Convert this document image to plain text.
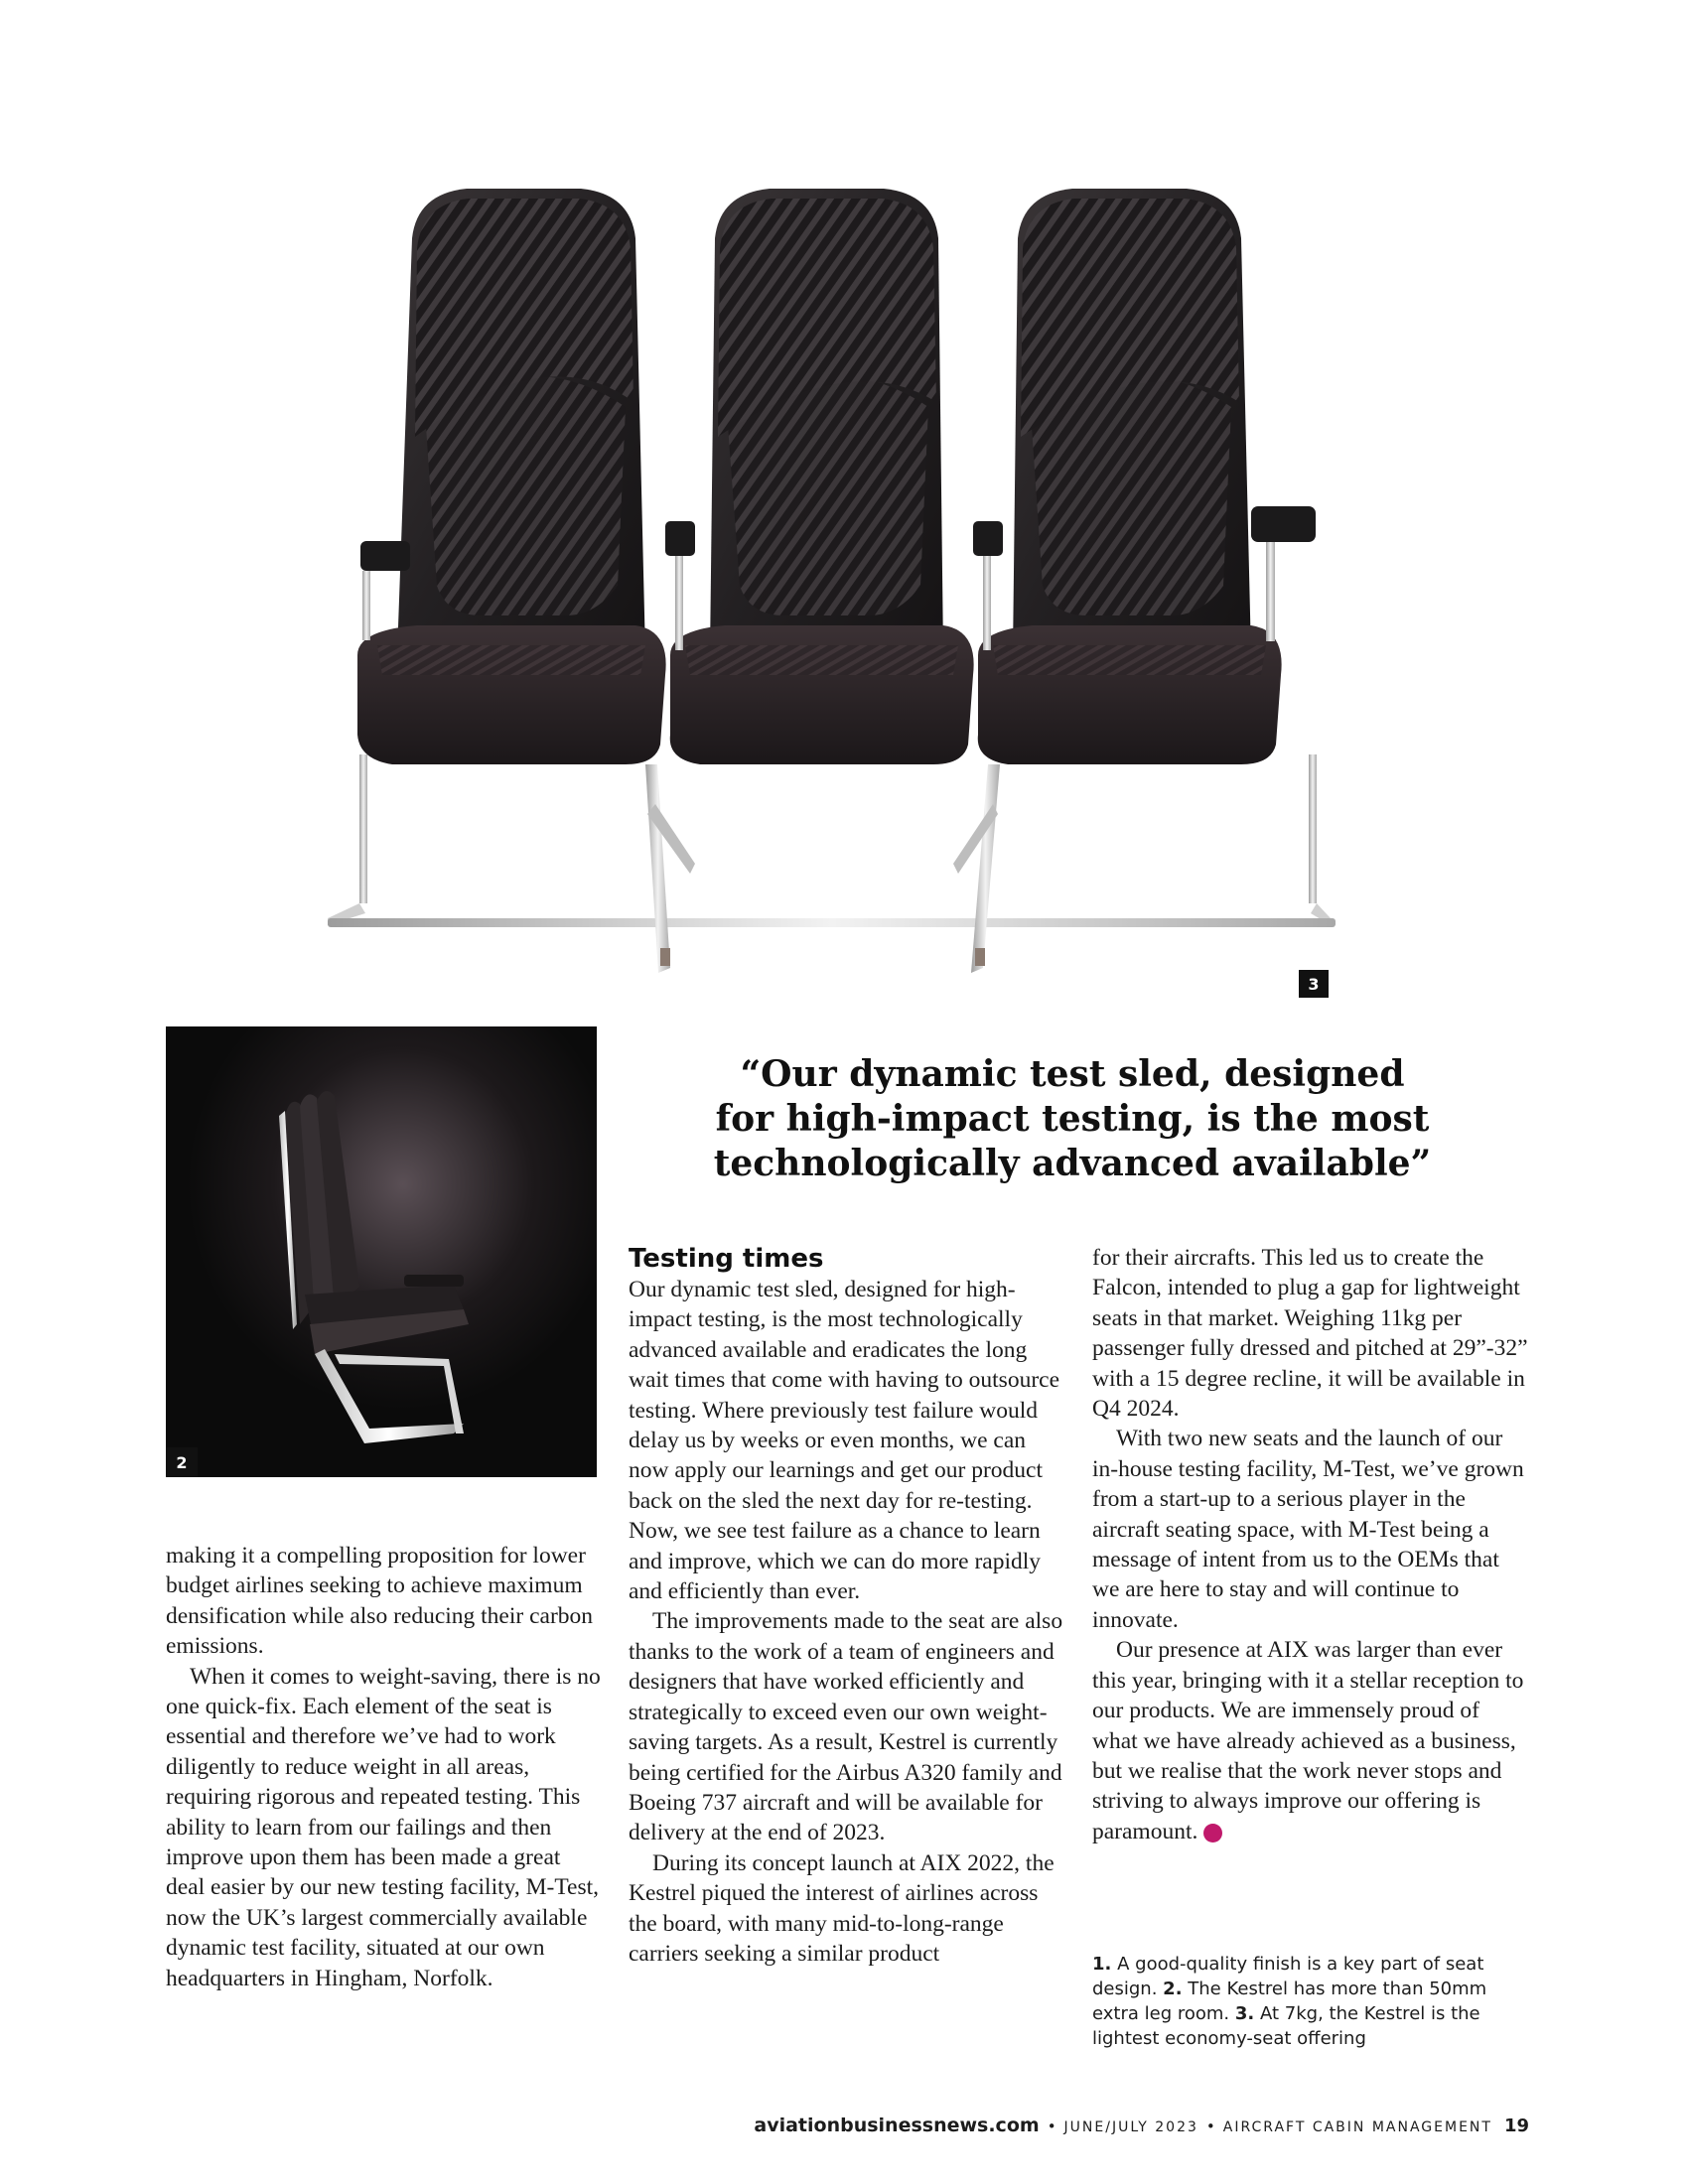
3
2
“Our dynamic test sled, designed
for high-impact testing, is the most
technologically advanced available”

making it a compelling proposition for lower budget airlines seeking to achieve maximum densification while also reducing their carbon emissions.

When it comes to weight-saving, there is no one quick-fix. Each element of the seat is essential and therefore we’ve had to work diligently to reduce weight in all areas, requiring rigorous and repeated testing. This ability to learn from our failings and then improve upon them has been made a great deal easier by our new testing facility, M-Test, now the UK’s largest commercially available dynamic test facility, situated at our own headquarters in Hingham, Norfolk.

Testing times

Our dynamic test sled, designed for high-impact testing, is the most technologically advanced available and eradicates the long wait times that come with having to outsource testing. Where previously test failure would delay us by weeks or even months, we can now apply our learnings and get our product back on the sled the next day for re-testing. Now, we see test failure as a chance to learn and improve, which we can do more rapidly and efficiently than ever.

The improvements made to the seat are also thanks to the work of a team of engineers and designers that have worked efficiently and strategically to exceed even our own weight-saving targets. As a result, Kestrel is currently being certified for the Airbus A320 family and Boeing 737 aircraft and will be available for delivery at the end of 2023.

During its concept launch at AIX 2022, the Kestrel piqued the interest of airlines across the board, with many mid-to-long-range carriers seeking a similar product

for their aircrafts. This led us to create the Falcon, intended to plug a gap for lightweight seats in that market. Weighing 11kg per passenger fully dressed and pitched at 29”-32” with a 15 degree recline, it will be available in Q4 2024.

With two new seats and the launch of our in-house testing facility, M-Test, we’ve grown from a start-up to a serious player in the aircraft seating space, with M-Test being a message of intent from us to the OEMs that we are here to stay and will continue to innovate.

Our presence at AIX was larger than ever this year, bringing with it a stellar reception to our products. We are immensely proud of what we have already achieved as a business, but we realise that the work never stops and striving to always improve our offering is paramount. C

1. A good-quality finish is a key part of seat design. 2. The Kestrel has more than 50mm extra leg room. 3. At 7kg, the Kestrel is the lightest economy-seat offering
aviationbusinessnews.com • JUNE/JULY 2023 • AIRCRAFT CABIN MANAGEMENT 19
